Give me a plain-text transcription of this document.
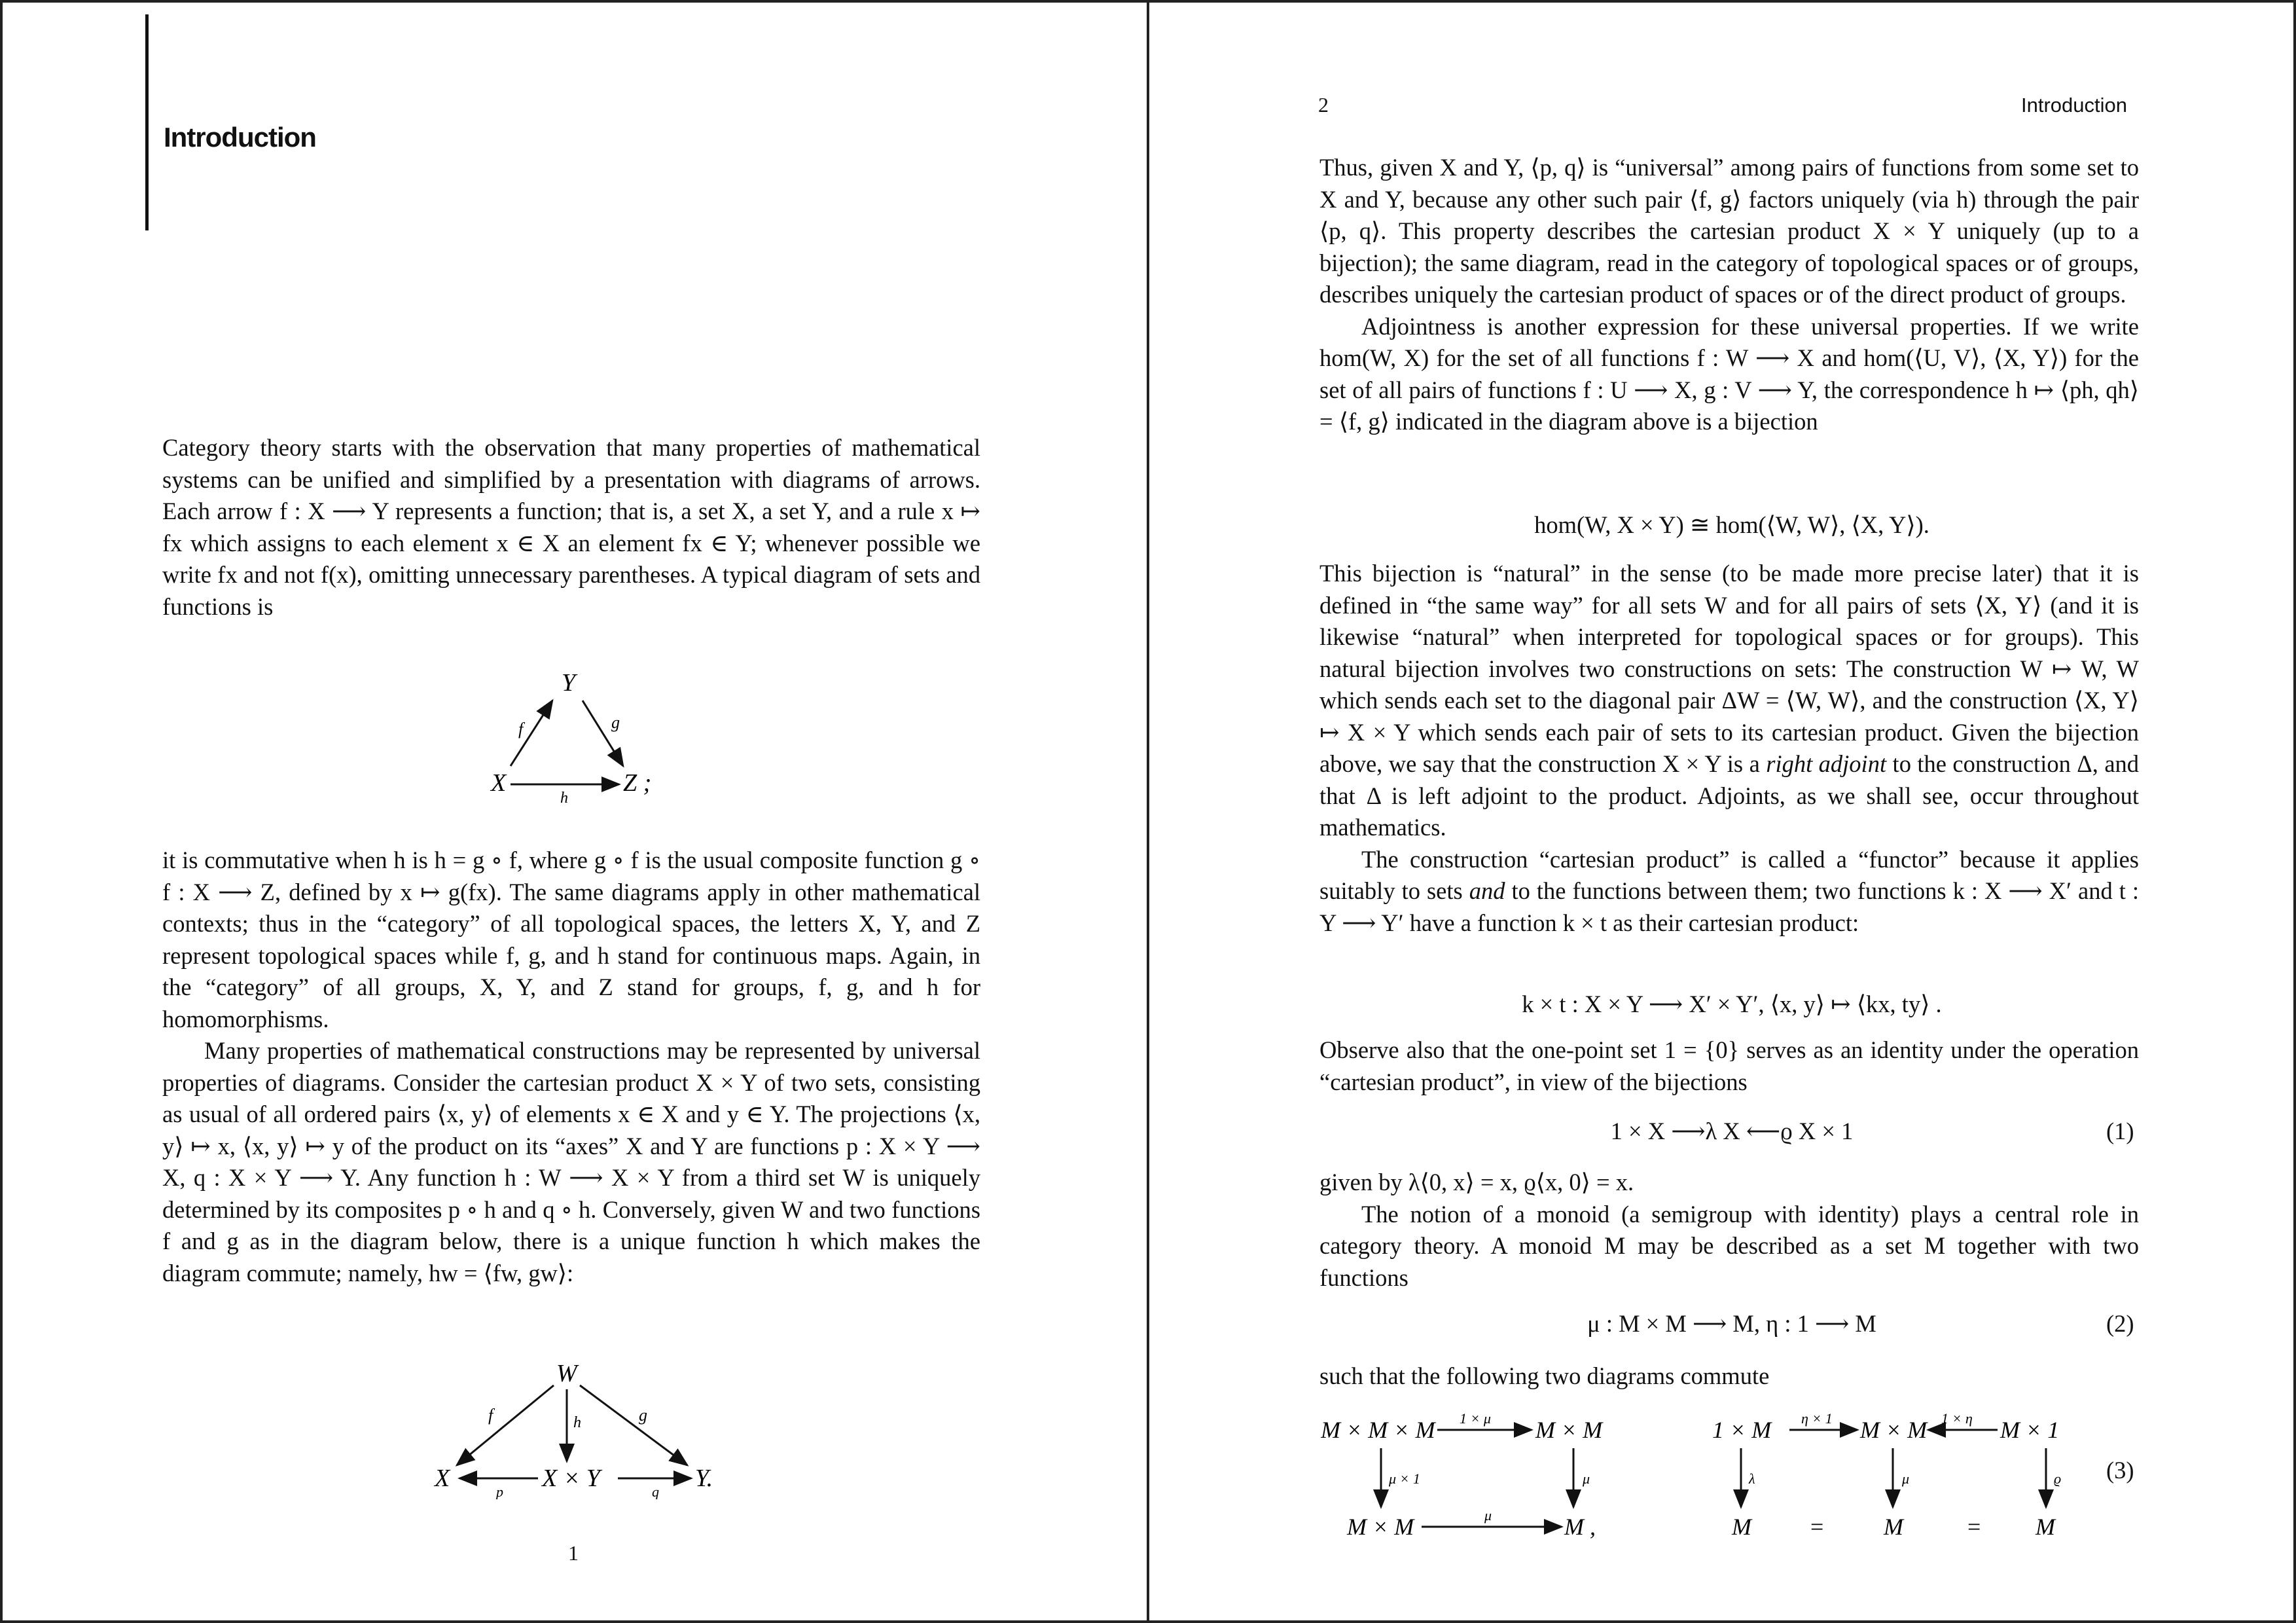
Introduction

Category theory starts with the observation that many properties of mathematical systems can be unified and simplified by a presentation with diagrams of arrows. Each arrow f : X ⟶ Y represents a function; that is, a set X, a set Y, and a rule x ↦ fx which assigns to each element x ∈ X an element fx ∈ Y; whenever possible we write fx and not f(x), omitting unnecessary parentheses. A typical diagram of sets and functions is

Y
X	Z ;
f	g
h

it is commutative when h is h = g ∘ f, where g ∘ f is the usual composite function g ∘ f : X ⟶ Z, defined by x ↦ g(fx). The same diagrams apply in other mathematical contexts; thus in the “category” of all topological spaces, the letters X, Y, and Z represent topological spaces while f, g, and h stand for continuous maps. Again, in the “category” of all groups, X, Y, and Z stand for groups, f, g, and h for homomorphisms.

Many properties of mathematical constructions may be represented by universal properties of diagrams. Consider the cartesian product X × Y of two sets, consisting as usual of all ordered pairs ⟨x, y⟩ of elements x ∈ X and y ∈ Y. The projections ⟨x, y⟩ ↦ x, ⟨x, y⟩ ↦ y of the product on its “axes” X and Y are functions p : X × Y ⟶ X, q : X × Y ⟶ Y. Any function h : W ⟶ X × Y from a third set W is uniquely determined by its composites p ∘ h and q ∘ h. Conversely, given W and two functions f and g as in the diagram below, there is a unique function h which makes the diagram commute; namely, hw = ⟨fw, gw⟩:

W
X	X × Y	Y.
f	h	g
p	q
1
2	Introduction

Thus, given X and Y, ⟨p, q⟩ is “universal” among pairs of functions from some set to X and Y, because any other such pair ⟨f, g⟩ factors uniquely (via h) through the pair ⟨p, q⟩. This property describes the cartesian product X × Y uniquely (up to a bijection); the same diagram, read in the category of topological spaces or of groups, describes uniquely the cartesian product of spaces or of the direct product of groups.

Adjointness is another expression for these universal properties. If we write hom(W, X) for the set of all functions f : W ⟶ X and hom(⟨U, V⟩, ⟨X, Y⟩) for the set of all pairs of functions f : U ⟶ X, g : V ⟶ Y, the correspondence h ↦ ⟨ph, qh⟩ = ⟨f, g⟩ indicated in the diagram above is a bijection

hom(W, X × Y) ≅ hom(⟨W, W⟩, ⟨X, Y⟩).

This bijection is “natural” in the sense (to be made more precise later) that it is defined in “the same way” for all sets W and for all pairs of sets ⟨X, Y⟩ (and it is likewise “natural” when interpreted for topological spaces or for groups). This natural bijection involves two constructions on sets: The construction W ↦ W, W which sends each set to the diagonal pair ΔW = ⟨W, W⟩, and the construction ⟨X, Y⟩ ↦ X × Y which sends each pair of sets to its cartesian product. Given the bijection above, we say that the construction X × Y is a right adjoint to the construction Δ, and that Δ is left adjoint to the product. Adjoints, as we shall see, occur throughout mathematics.

The construction “cartesian product” is called a “functor” because it applies suitably to sets and to the functions between them; two functions k : X ⟶ X′ and t : Y ⟶ Y′ have a function k × t as their cartesian product:

k × t : X × Y ⟶ X′ × Y′, ⟨x, y⟩ ↦ ⟨kx, ty⟩ .

Observe also that the one-point set 1 = {0} serves as an identity under the operation “cartesian product”, in view of the bijections

1 × X ⟶λ X ⟵ϱ X × 1	(1)

given by λ⟨0, x⟩ = x, ϱ⟨x, 0⟩ = x.

The notion of a monoid (a semigroup with identity) plays a central role in category theory. A monoid M may be described as a set M together with two functions

μ : M × M ⟶ M, η : 1 ⟶ M	(2)

such that the following two diagrams commute

M × M × M 1 × μ M × M
μ × 1	μ
M × M	μ	M ,
1 × M η × 1 M × M 1 × η M × 1
λ	μ	ϱ
M	=	M	= M
(3)
